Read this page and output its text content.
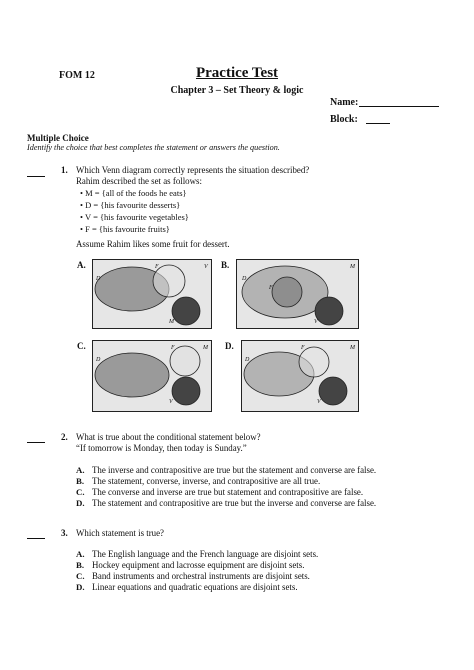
FOM 12	Practice Test
Chapter 3 – Set Theory & logic
Name:
Block:
Multiple Choice
Identify the choice that best completes the statement or answers the question.
1. Which Venn diagram correctly represents the situation described?
Rahim described the set as follows:
• M = {all of the foods he eats}
• D = {his favourite desserts}
• V = {his favourite vegetables}
• F = {his favourite fruits}
Assume Rahim likes some fruit for dessert.
A.
D
F	V
M
B.
D
F
M
V
C.
D
F	M
V
D.
D
F	M
V
2. What is true about the conditional statement below?
“If tomorrow is Monday, then today is Sunday.”
A. The inverse and contrapositive are true but the statement and converse are false.
B. The statement, converse, inverse, and contrapositive are all true.
C. The converse and inverse are true but statement and contrapositive are false.
D. The statement and contrapositive are true but the inverse and converse are false.
3. Which statement is true?
A. The English language and the French language are disjoint sets.
B. Hockey equipment and lacrosse equipment are disjoint sets.
C. Band instruments and orchestral instruments are disjoint sets.
D. Linear equations and quadratic equations are disjoint sets.
